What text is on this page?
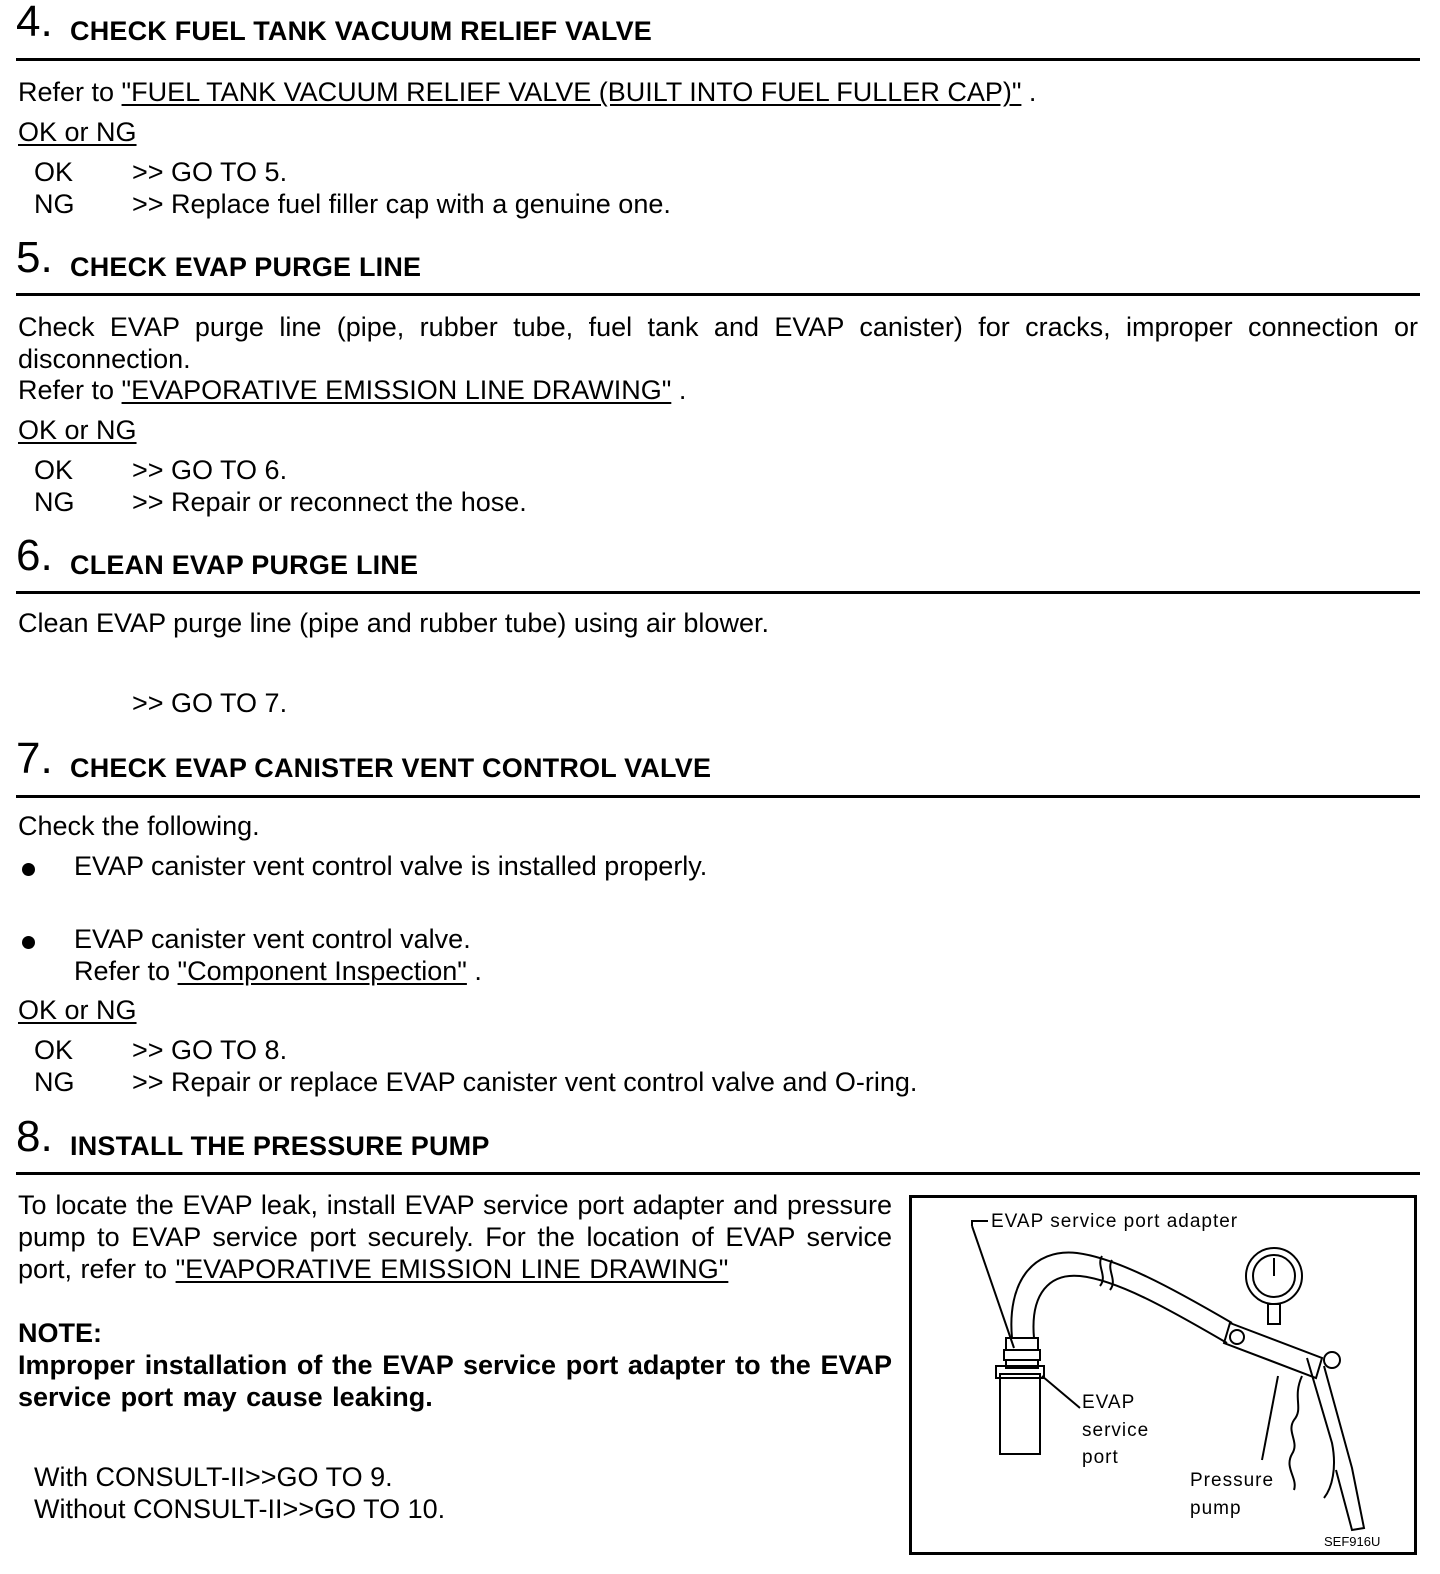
4. CHECK FUEL TANK VACUUM RELIEF VALVE
Refer to "FUEL TANK VACUUM RELIEF VALVE (BUILT INTO FUEL FULLER CAP)" .
OK or NG
OK >> GO TO 5.
NG >> Replace fuel filler cap with a genuine one.
5. CHECK EVAP PURGE LINE
Check EVAP purge line (pipe, rubber tube, fuel tank and EVAP canister) for cracks, improper connection or disconnection.
Refer to "EVAPORATIVE EMISSION LINE DRAWING" .
OK or NG
OK >> GO TO 6.
NG >> Repair or reconnect the hose.
6. CLEAN EVAP PURGE LINE
Clean EVAP purge line (pipe and rubber tube) using air blower.
>> GO TO 7.
7. CHECK EVAP CANISTER VENT CONTROL VALVE
Check the following.
EVAP canister vent control valve is installed properly.
EVAP canister vent control valve.
Refer to "Component Inspection" .
OK or NG
OK >> GO TO 8.
NG >> Repair or replace EVAP canister vent control valve and O-ring.
8. INSTALL THE PRESSURE PUMP
To locate the EVAP leak, install EVAP service port adapter and pressure pump to EVAP service port securely. For the location of EVAP service port, refer to "EVAPORATIVE EMISSION LINE DRAWING"
NOTE:
Improper installation of the EVAP service port adapter to the EVAP service port may cause leaking.
With CONSULT-II>>GO TO 9.
Without CONSULT-II>>GO TO 10.
EVAP service port adapter
EVAP
service
port
Pressure
pump
SEF916U
